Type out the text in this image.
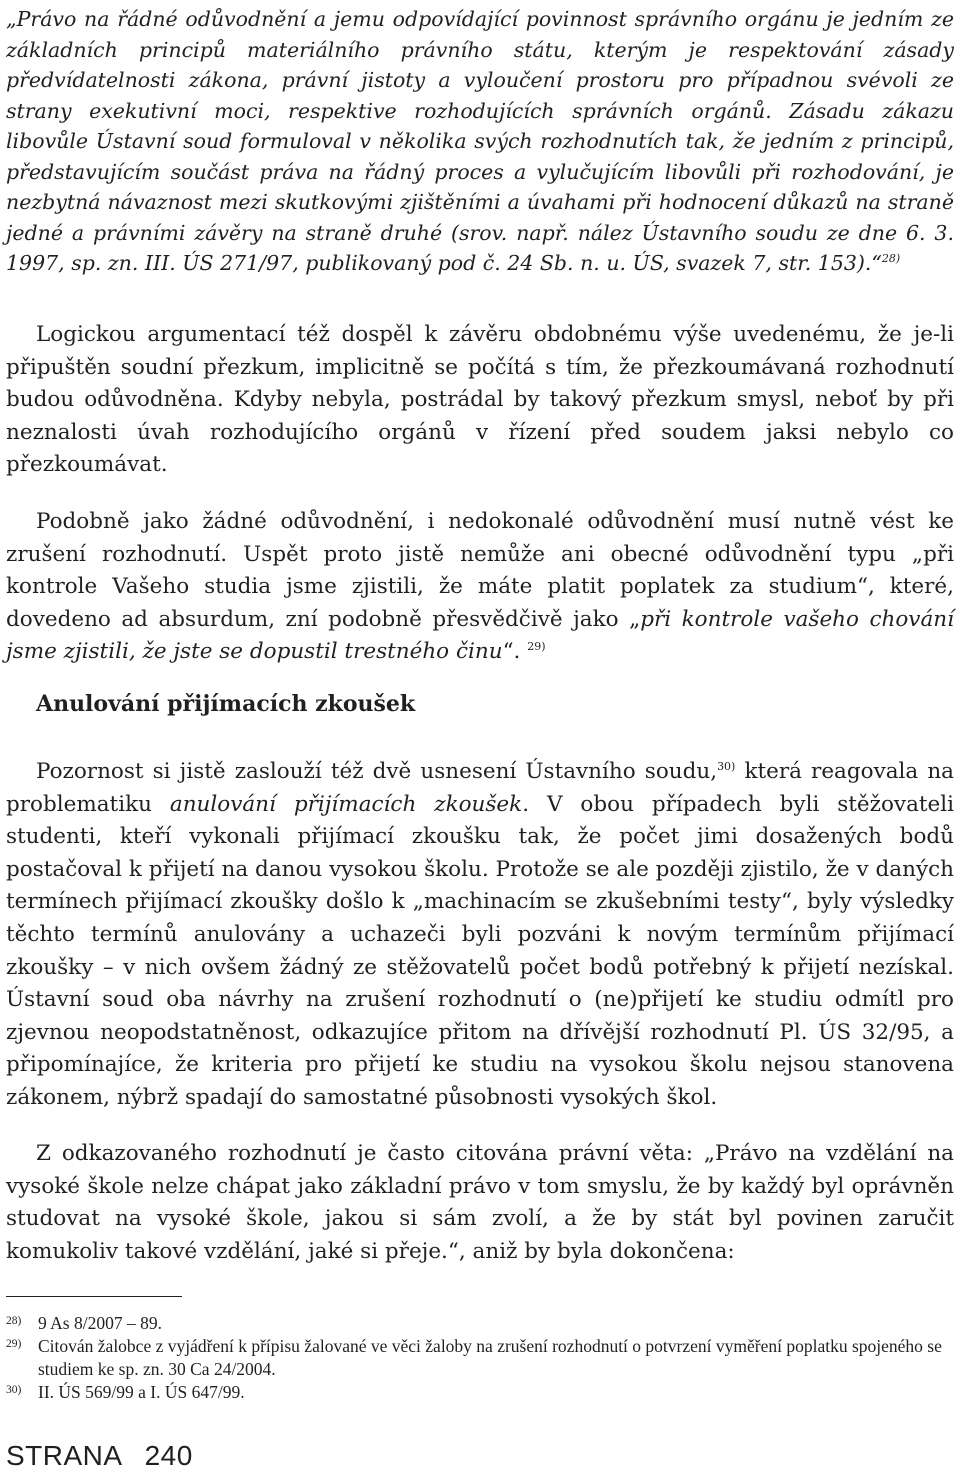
„Právo na řádné odůvodnění a jemu odpovídající povinnost správního orgánu je jedním ze základních principů materiálního právního státu, kterým je respektování zásady předvídatelnosti zákona, právní jistoty a vyloučení prostoru pro případnou svévoli ze strany exekutivní moci, respektive rozhodujících správních orgánů. Zásadu zákazu libovůle Ústavní soud formuloval v několika svých rozhodnutích tak, že jedním z principů, představujícím součást práva na řádný proces a vylučujícím libovůli při rozhodování, je nezbytná návaznost mezi skutkovými zjištěními a úvahami při hodnocení důkazů na straně jedné a právními závěry na straně druhé (srov. např. nález Ústavního soudu ze dne 6. 3. 1997, sp. zn. III. ÚS 271/97, publikovaný pod č. 24 Sb. n. u. ÚS, svazek 7, str. 153).“$^{28)}$

Logickou argumentací též dospěl k závěru obdobnému výše uvedenému, že je-li připuštěn soudní přezkum, implicitně se počítá s tím, že přezkoumávaná rozhodnutí budou odůvodněna. Kdyby nebyla, postrádal by takový přezkum smysl, neboť by při neznalosti úvah rozhodujícího orgánů v řízení před soudem jaksi nebylo co přezkoumávat.

Podobně jako žádné odůvodnění, i nedokonalé odůvodnění musí nutně vést ke zrušení rozhodnutí. Uspět proto jistě nemůže ani obecné odůvodnění typu „při kontrole Vašeho studia jsme zjistili, že máte platit poplatek za studium“, které, dovedeno ad absurdum, zní podobně přesvědčivě jako „při kontrole vašeho chování jsme zjistili, že jste se dopustil trestného činu“. $^{29)}$

Anulování přijímacích zkoušek

Pozornost si jistě zaslouží též dvě usnesení Ústavního soudu,$^{30)}$ která reagovala na problematiku anulování přijímacích zkoušek. V obou případech byli stěžovateli studenti, kteří vykonali přijímací zkoušku tak, že počet jimi dosažených bodů postačoval k přijetí na danou vysokou školu. Protože se ale později zjistilo, že v daných termínech přijímací zkoušky došlo k „machinacím se zkušebními testy“, byly výsledky těchto termínů anulovány a uchazeči byli pozváni k novým termínům přijímací zkoušky – v nich ovšem žádný ze stěžovatelů počet bodů potřebný k přijetí nezískal. Ústavní soud oba návrhy na zrušení rozhodnutí o (ne)přijetí ke studiu odmítl pro zjevnou neopodstatněnost, odkazujíce přitom na dřívější rozhodnutí Pl. ÚS 32/95, a připomínajíce, že kriteria pro přijetí ke studiu na vysokou školu nejsou stanovena zákonem, nýbrž spadají do samostatné působnosti vysokých škol.

Z odkazovaného rozhodnutí je často citována právní věta: „Právo na vzdělání na vysoké škole nelze chápat jako základní právo v tom smyslu, že by každý byl oprávněn studovat na vysoké škole, jakou si sám zvolí, a že by stát byl povinen zaručit komukoliv takové vzdělání, jaké si přeje.“, aniž by byla dokončena:

28) 9 As 8/2007 – 89.

29) Citován žalobce z vyjádření k přípisu žalované ve věci žaloby na zrušení rozhodnutí o potvrzení vyměření poplatku spojeného se studiem ke sp. zn. 30 Ca 24/2004.

30) II. ÚS 569/99 a I. ÚS 647/99.

STRANA 240
